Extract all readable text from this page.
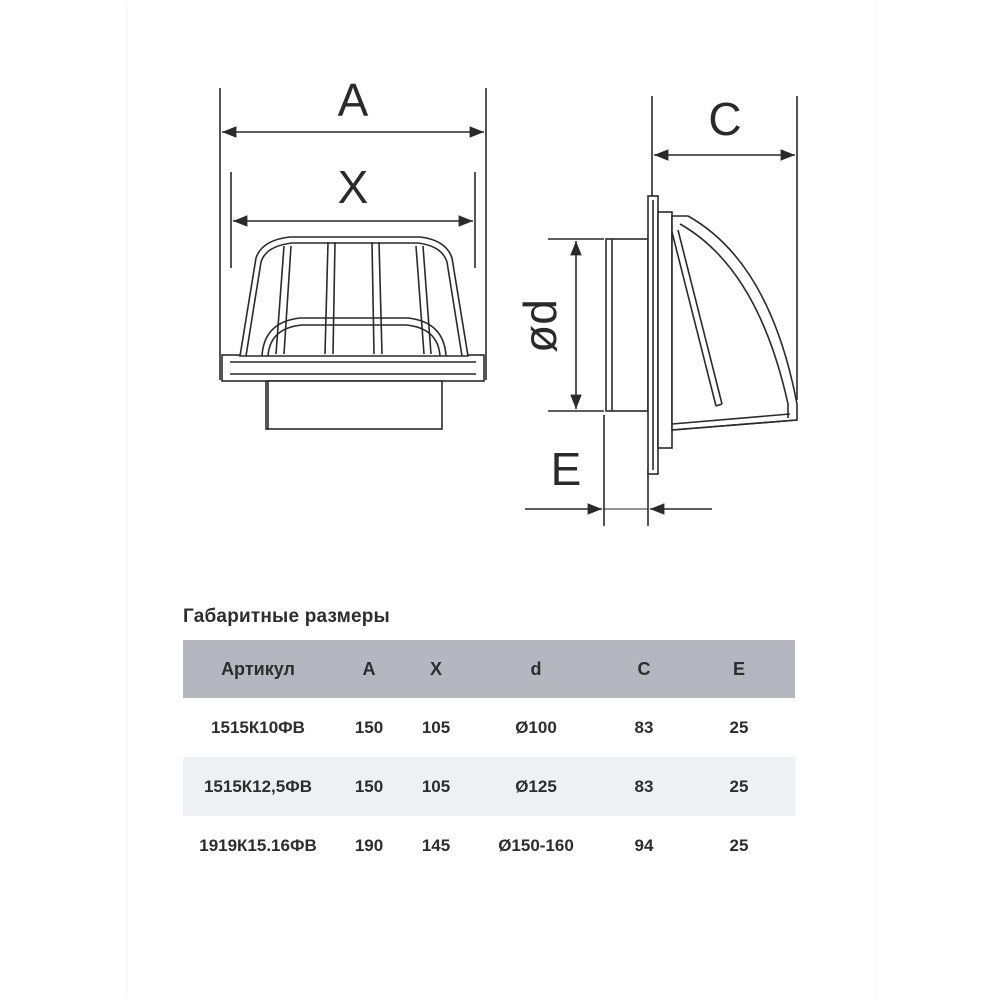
A
X
C
ød
E
Габаритные размеры
Артикул	A	X	d	C	E
1515К10ФВ	150	105	Ø100	83	25
1515К12,5ФВ	150	105	Ø125	83	25
1919К15.16ФВ	190	145	Ø150-160	94	25
